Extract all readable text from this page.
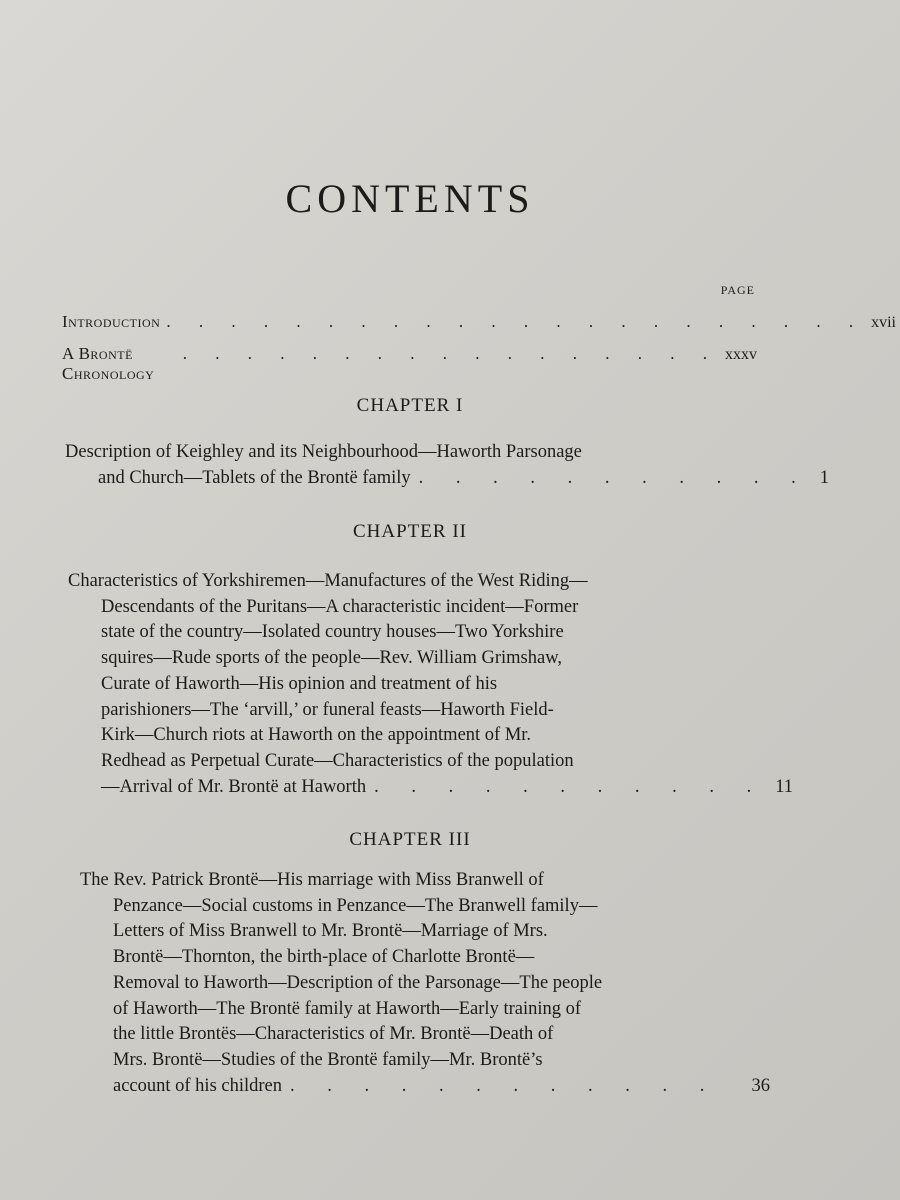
CONTENTS
PAGE
Introduction . . . . . . . . . . . . . . . . . . . . . . xvii
A Brontë Chronology
. . . . . . . . . . . . . . . . . xxxv
CHAPTER I
Description of Keighley and its Neighbourhood—Haworth Parsonage
and Church—Tablets of the Brontë family . . . . . . . . . . . 1
CHAPTER II
Characteristics of Yorkshiremen—Manufactures of the West Riding—
Descendants of the Puritans—A characteristic incident—Former
state of the country—Isolated country houses—Two Yorkshire
squires—Rude sports of the people—Rev. William Grimshaw,
Curate of Haworth—His opinion and treatment of his
parishioners—The ‘arvill,’ or funeral feasts—Haworth Field-
Kirk—Church riots at Haworth on the appointment of Mr.
Redhead as Perpetual Curate—Characteristics of the population
—Arrival of Mr. Brontë at Haworth . . . . . . . . . . . 11
CHAPTER III
The Rev. Patrick Brontë—His marriage with Miss Branwell of
Penzance—Social customs in Penzance—The Branwell family—
Letters of Miss Branwell to Mr. Brontë—Marriage of Mrs.
Brontë—Thornton, the birth-place of Charlotte Brontë—
Removal to Haworth—Description of the Parsonage—The people
of Haworth—The Brontë family at Haworth—Early training of
the little Brontës—Characteristics of Mr. Brontë—Death of
Mrs. Brontë—Studies of the Brontë family—Mr. Brontë’s
account of his children . . . . . . . . . . . .	36
